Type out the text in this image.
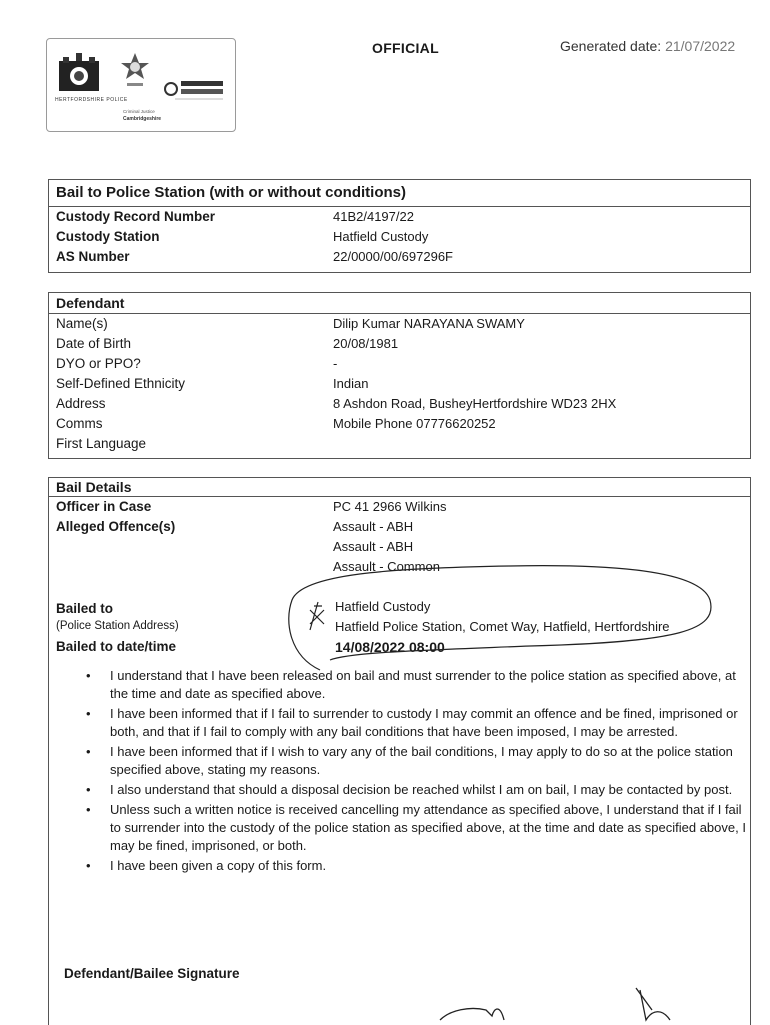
HERTFORDSHIRE POLICE
Criminal Justice
Cambridgeshire
OFFICIAL	Generated date: 21/07/2022
Bail to Police Station (with or without conditions)
Custody Record Number	41B2/4197/22
Custody Station	Hatfield Custody
AS Number	22/0000/00/697296F
Defendant
Name(s)	Dilip Kumar NARAYANA SWAMY
Date of Birth	20/08/1981
DYO or PPO?	-
Self-Defined Ethnicity	Indian
Address	8 Ashdon Road, BusheyHertfordshire WD23 2HX
Comms	Mobile Phone 07776620252
First Language
Bail Details
Officer in Case	PC 41 2966 Wilkins
Alleged Offence(s)	Assault - ABH
Assault - ABH
Assault - Common
Bailed to	Hatfield Custody
(Police Station Address)	Hatfield Police Station, Comet Way, Hatfield, Hertfordshire
Bailed to date/time	14/08/2022 08:00
• I understand that I have been released on bail and must surrender to the police station as specified above, at the time and date as specified above.
• I have been informed that if I fail to surrender to custody I may commit an offence and be fined, imprisoned or both, and that if I fail to comply with any bail conditions that have been imposed, I may be arrested.
• I have been informed that if I wish to vary any of the bail conditions, I may apply to do so at the police station specified above, stating my reasons.
• I also understand that should a disposal decision be reached whilst I am on bail, I may be contacted by post.
• Unless such a written notice is received cancelling my attendance as specified above, I understand that if I fail to surrender into the custody of the police station as specified above, at the time and date as specified above, I may be fined, imprisoned, or both.
• I have been given a copy of this form.
Defendant/Bailee Signature
